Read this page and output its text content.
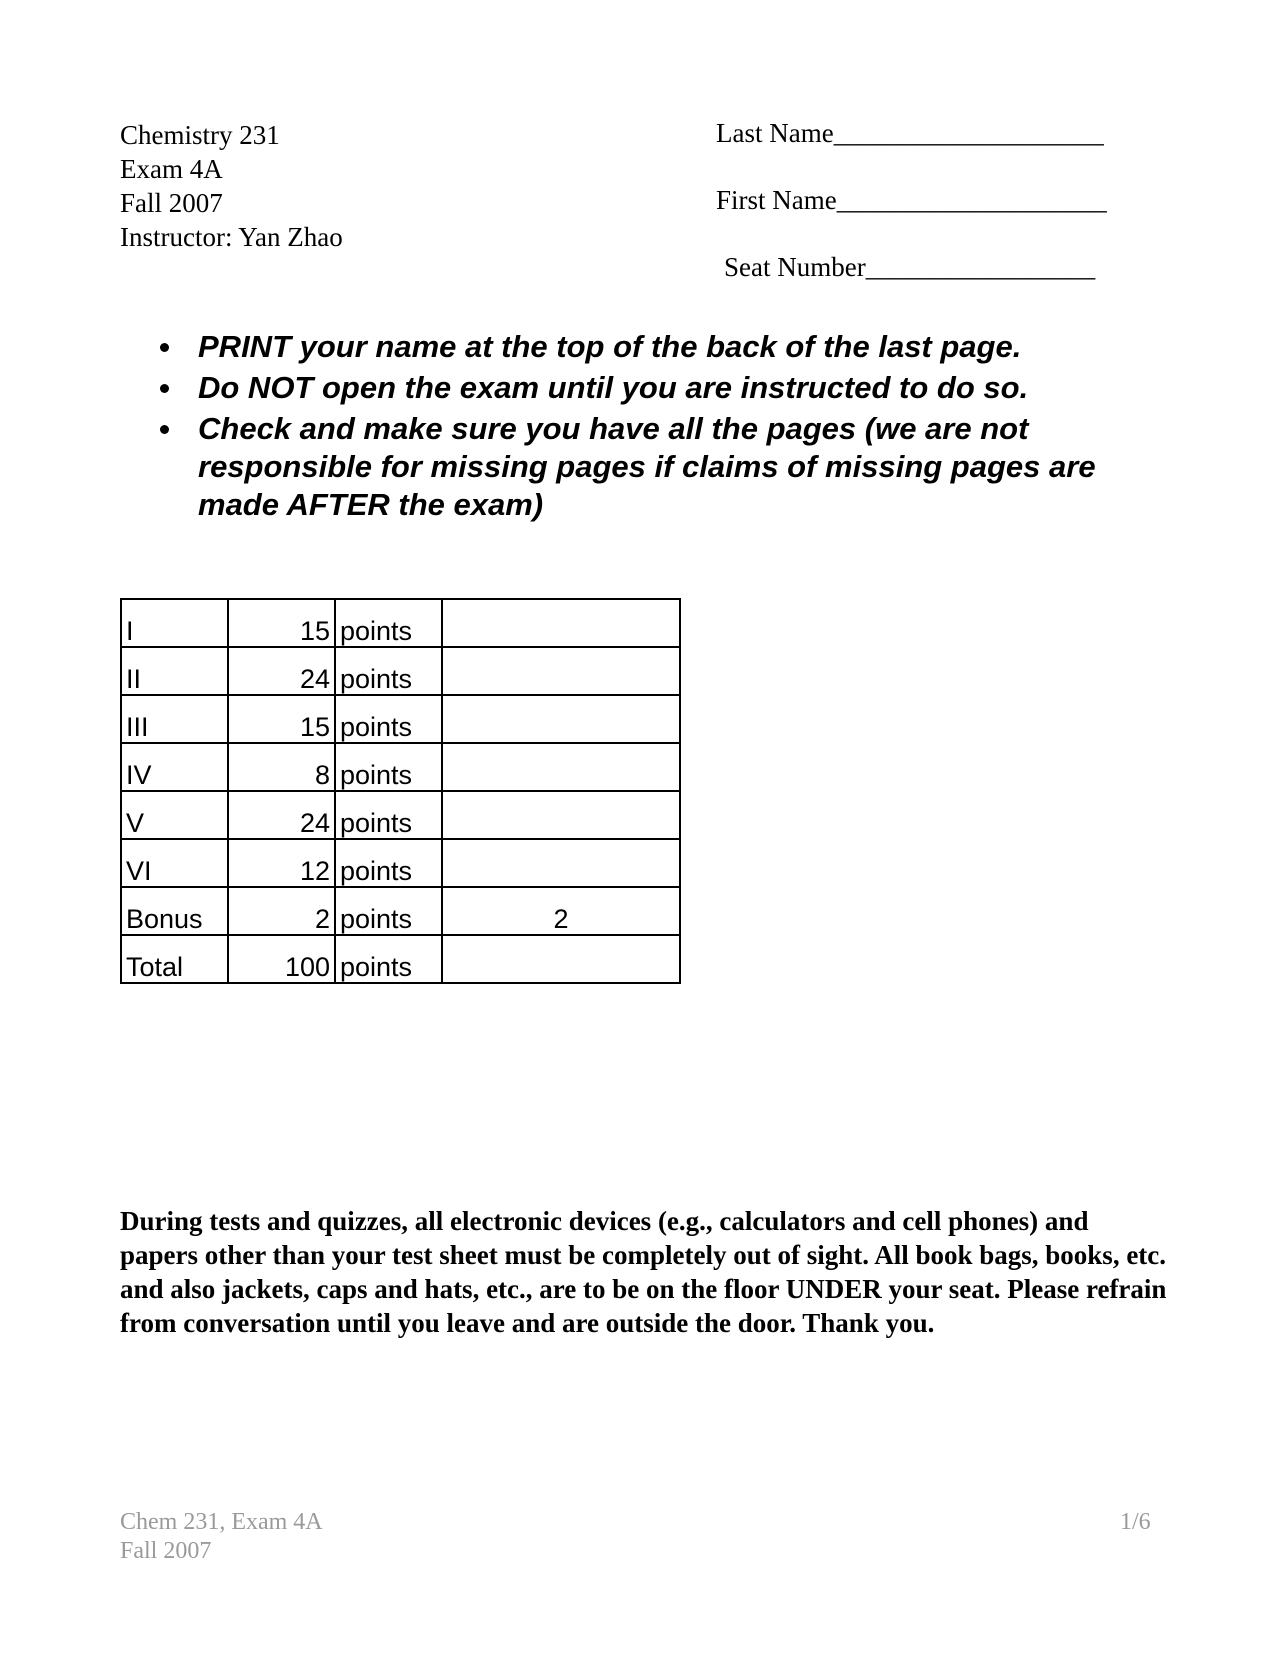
Chemistry 231
Exam 4A
Fall 2007
Instructor: Yan Zhao
Last Name____________________
First Name____________________
Seat Number_________________
PRINT your name at the top of the back of the last page.
Do NOT open the exam until you are instructed to do so.
Check and make sure you have all the pages (we are not responsible for missing pages if claims of missing pages are made AFTER the exam)
I	15	points	
II	24	points	
III	15	points	
IV	8	points	
V	24	points	
VI	12	points	
Bonus	2	points	2
Total	100	points	

During tests and quizzes, all electronic devices (e.g., calculators and cell phones) and papers other than your test sheet must be completely out of sight. All book bags, books, etc. and also jackets, caps and hats, etc., are to be on the floor UNDER your seat. Please refrain from conversation until you leave and are outside the door. Thank you.

Chem 231, Exam 4A
Fall 2007
1/6
